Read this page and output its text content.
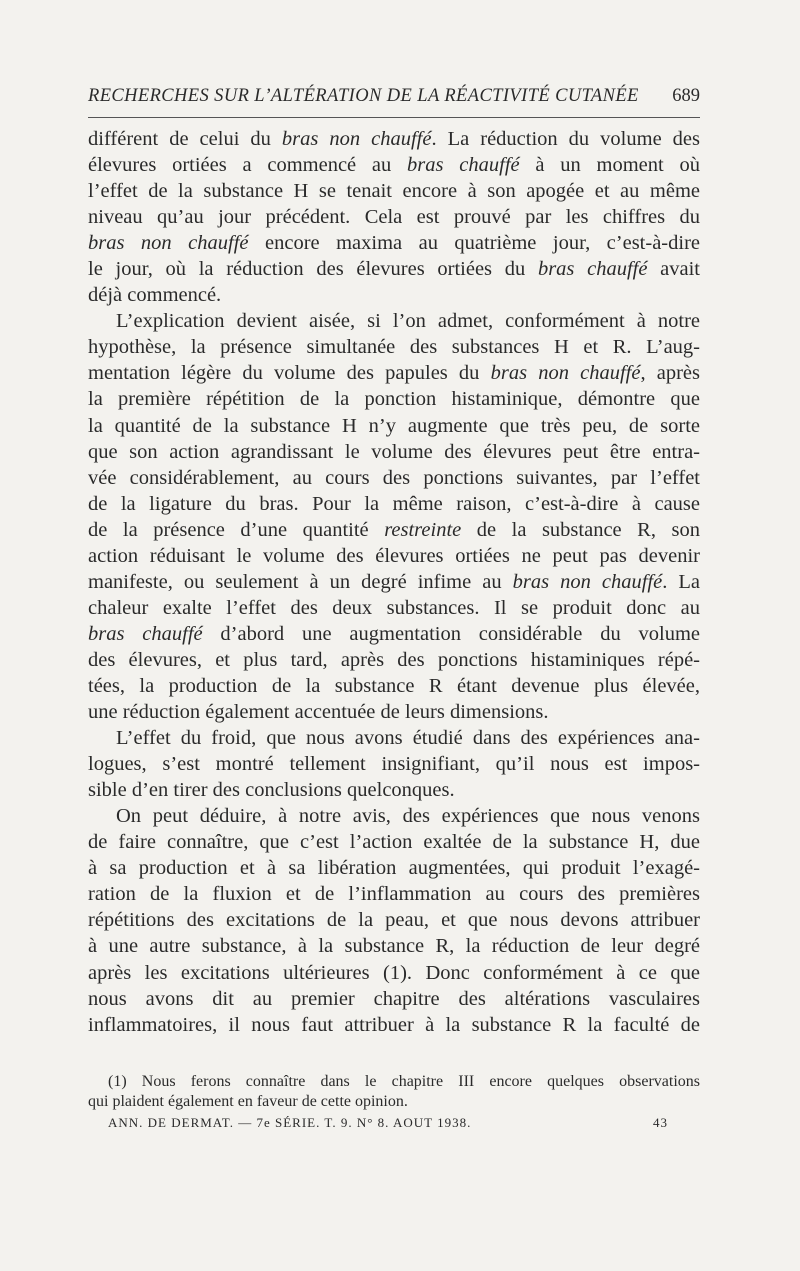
RECHERCHES SUR L’ALTÉRATION DE LA RÉACTIVITÉ CUTANÉE 689
différent de celui du bras non chauffé. La réduction du volume des
élevures ortiées a commencé au bras chauffé à un moment où
l’effet de la substance H se tenait encore à son apogée et au même
niveau qu’au jour précédent. Cela est prouvé par les chiffres du
bras non chauffé encore maxima au quatrième jour, c’est-à-dire
le jour, où la réduction des élevures ortiées du bras chauffé avait
déjà commencé.
L’explication devient aisée, si l’on admet, conformément à notre
hypothèse, la présence simultanée des substances H et R. L’aug-
mentation légère du volume des papules du bras non chauffé, après
la première répétition de la ponction histaminique, démontre que
la quantité de la substance H n’y augmente que très peu, de sorte
que son action agrandissant le volume des élevures peut être entra-
vée considérablement, au cours des ponctions suivantes, par l’effet
de la ligature du bras. Pour la même raison, c’est-à-dire à cause
de la présence d’une quantité restreinte de la substance R, son
action réduisant le volume des élevures ortiées ne peut pas devenir
manifeste, ou seulement à un degré infime au bras non chauffé. La
chaleur exalte l’effet des deux substances. Il se produit donc au
bras chauffé d’abord une augmentation considérable du volume
des élevures, et plus tard, après des ponctions histaminiques répé-
tées, la production de la substance R étant devenue plus élevée,
une réduction également accentuée de leurs dimensions.
L’effet du froid, que nous avons étudié dans des expériences ana-
logues, s’est montré tellement insignifiant, qu’il nous est impos-
sible d’en tirer des conclusions quelconques.
On peut déduire, à notre avis, des expériences que nous venons
de faire connaître, que c’est l’action exaltée de la substance H, due
à sa production et à sa libération augmentées, qui produit l’exagé-
ration de la fluxion et de l’inflammation au cours des premières
répétitions des excitations de la peau, et que nous devons attribuer
à une autre substance, à la substance R, la réduction de leur degré
après les excitations ultérieures (1). Donc conformément à ce que
nous avons dit au premier chapitre des altérations vasculaires
inflammatoires, il nous faut attribuer à la substance R la faculté de
(1) Nous ferons connaître dans le chapitre III encore quelques observations
qui plaident également en faveur de cette opinion.
ANN. DE DERMAT. — 7e SÉRIE. T. 9. N° 8. AOUT 1938.	43
